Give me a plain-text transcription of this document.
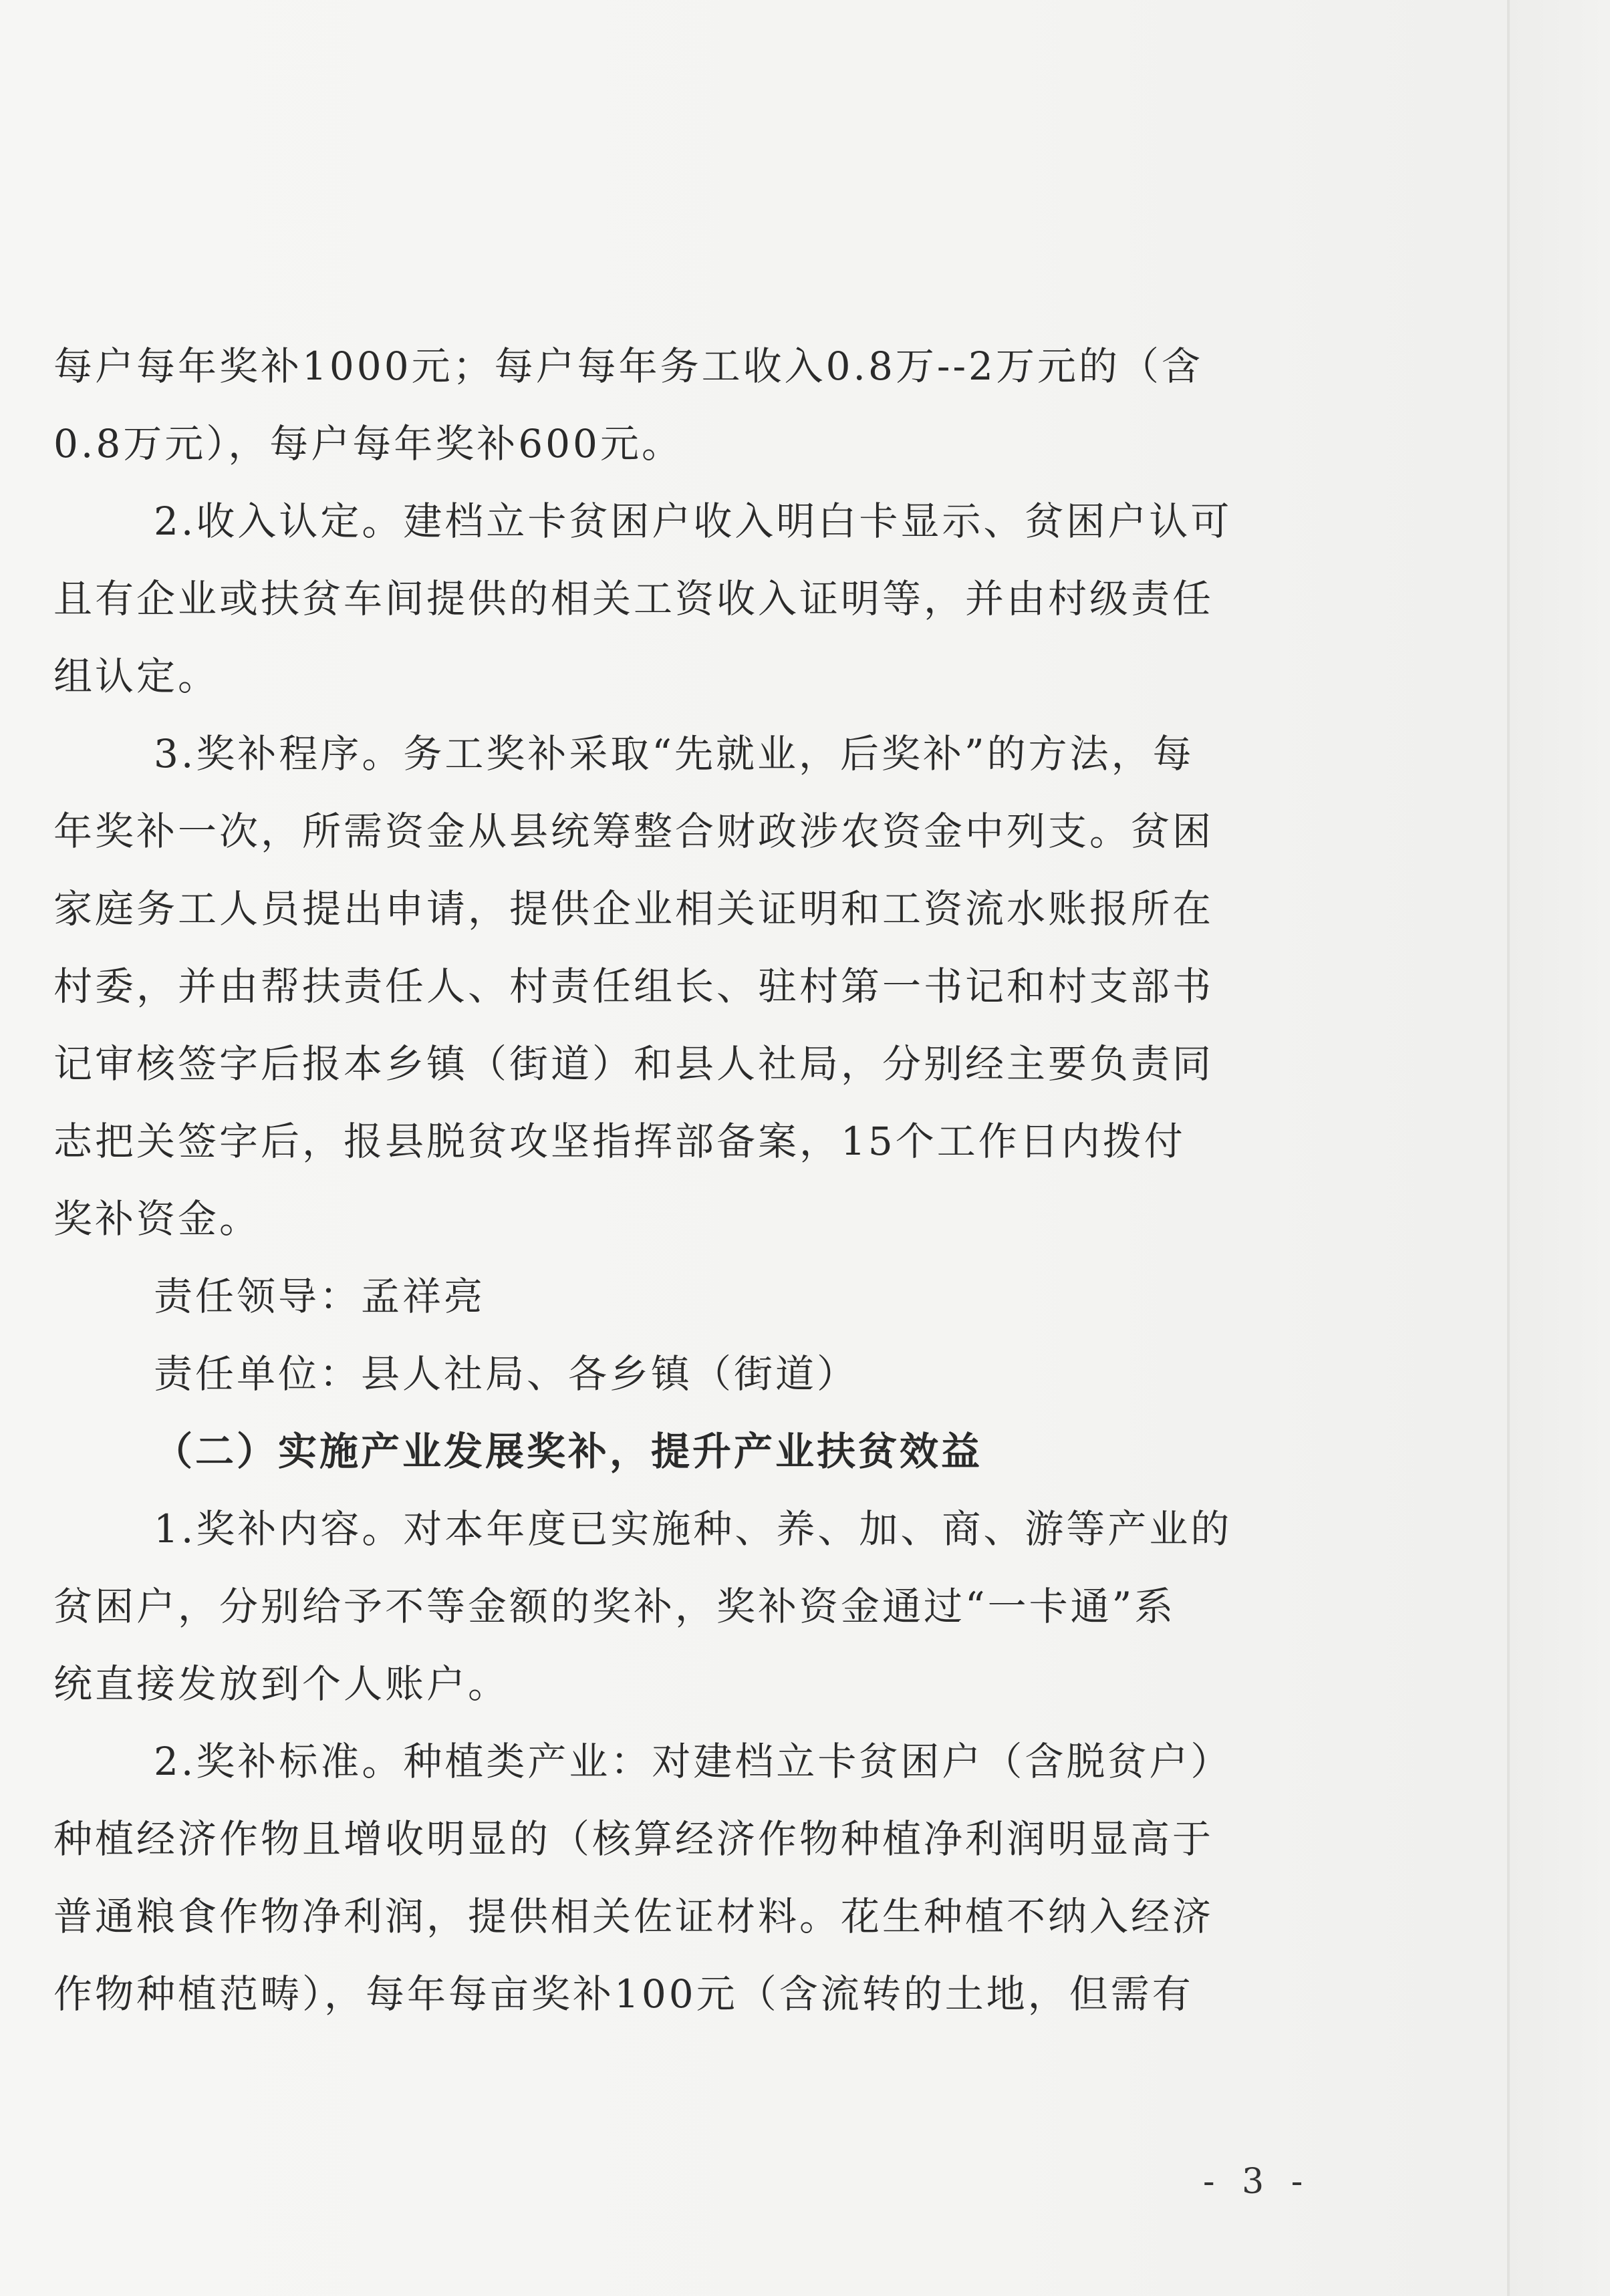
每户每年奖补1000元；每户每年务工收入0.8万--2万元的（含

0.8万元），每户每年奖补600元。

2.收入认定。建档立卡贫困户收入明白卡显示、贫困户认可

且有企业或扶贫车间提供的相关工资收入证明等，并由村级责任

组认定。

3.奖补程序。务工奖补采取“先就业，后奖补”的方法，每

年奖补一次，所需资金从县统筹整合财政涉农资金中列支。贫困

家庭务工人员提出申请，提供企业相关证明和工资流水账报所在

村委，并由帮扶责任人、村责任组长、驻村第一书记和村支部书

记审核签字后报本乡镇（街道）和县人社局，分别经主要负责同

志把关签字后，报县脱贫攻坚指挥部备案，15个工作日内拨付

奖补资金。

责任领导：孟祥亮

责任单位：县人社局、各乡镇（街道）

（二）实施产业发展奖补，提升产业扶贫效益

1.奖补内容。对本年度已实施种、养、加、商、游等产业的

贫困户，分别给予不等金额的奖补，奖补资金通过“一卡通”系

统直接发放到个人账户。

2.奖补标准。种植类产业：对建档立卡贫困户（含脱贫户）

种植经济作物且增收明显的（核算经济作物种植净利润明显高于

普通粮食作物净利润，提供相关佐证材料。花生种植不纳入经济

作物种植范畴），每年每亩奖补100元（含流转的土地，但需有

- 3 -
